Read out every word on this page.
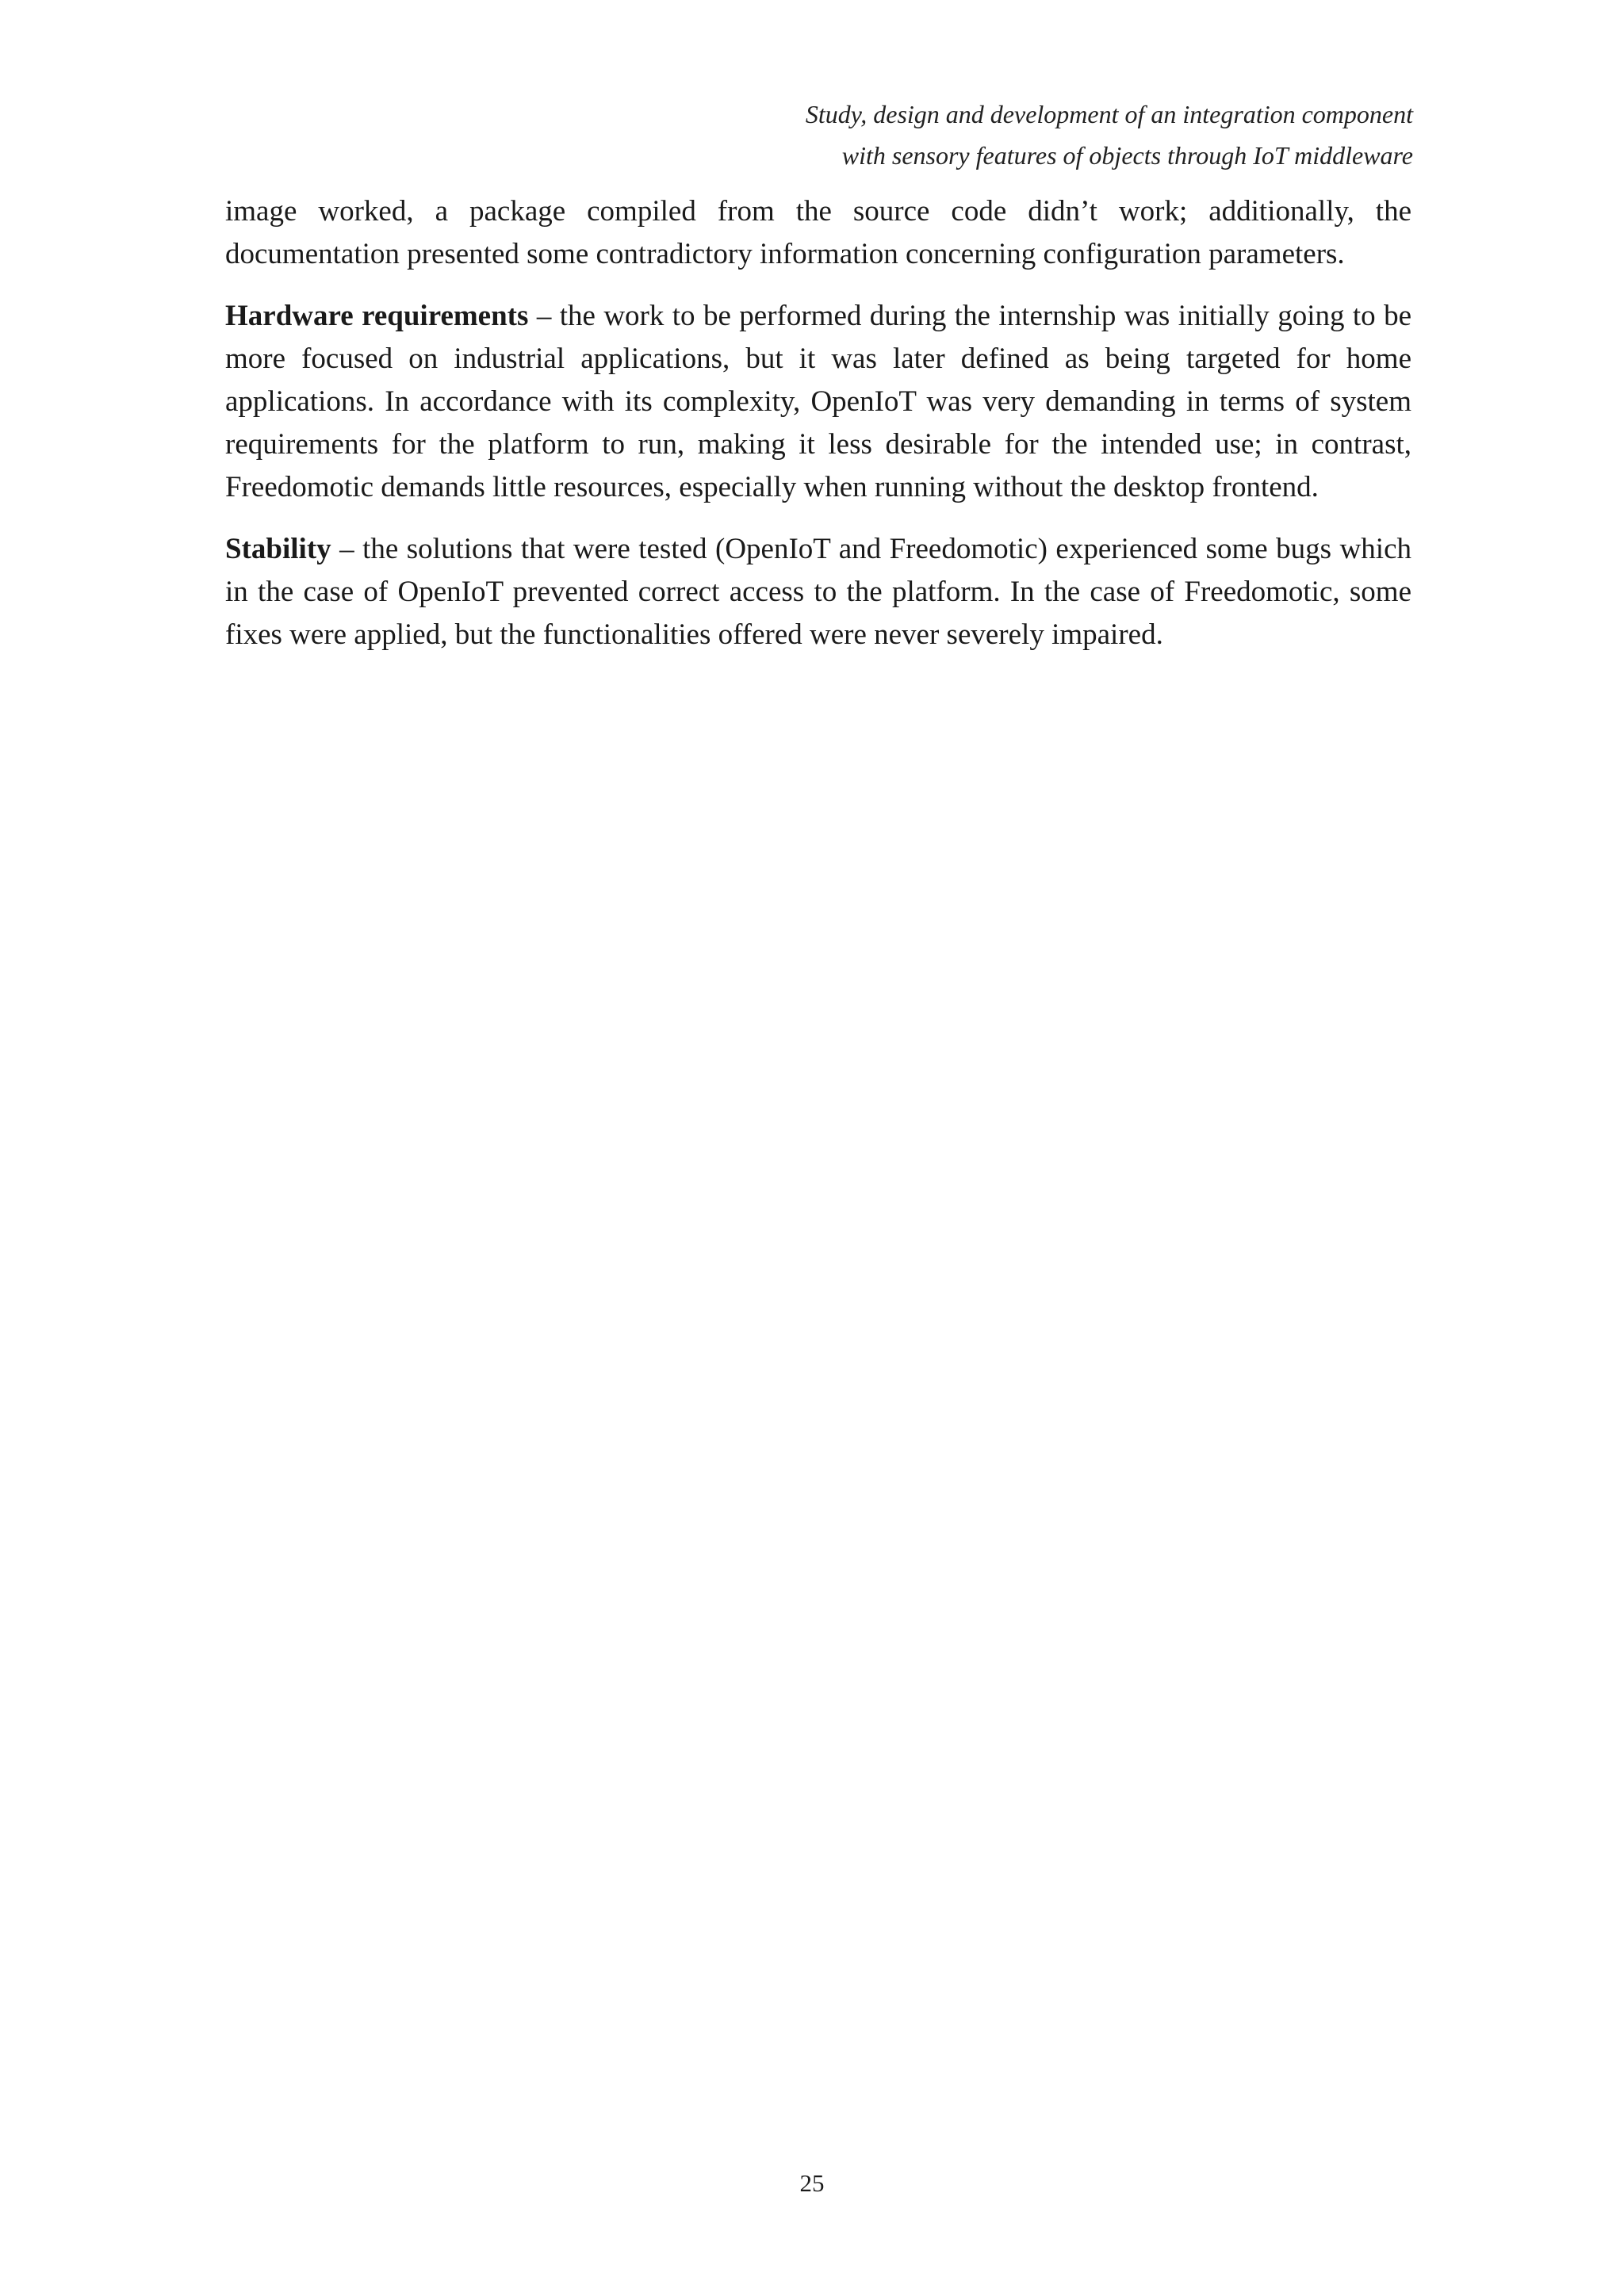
Study, design and development of an integration component
with sensory features of objects through IoT middleware

image worked, a package compiled from the source code didn’t work; additionally, the documentation presented some contradictory information concerning configuration parameters.

Hardware requirements – the work to be performed during the internship was initially going to be more focused on industrial applications, but it was later defined as being targeted for home applications. In accordance with its complexity, OpenIoT was very demanding in terms of system requirements for the platform to run, making it less desirable for the intended use; in contrast, Freedomotic demands little resources, especially when running without the desktop frontend.

Stability – the solutions that were tested (OpenIoT and Freedomotic) experienced some bugs which in the case of OpenIoT prevented correct access to the platform. In the case of Freedomotic, some fixes were applied, but the functionalities offered were never severely impaired.

25
